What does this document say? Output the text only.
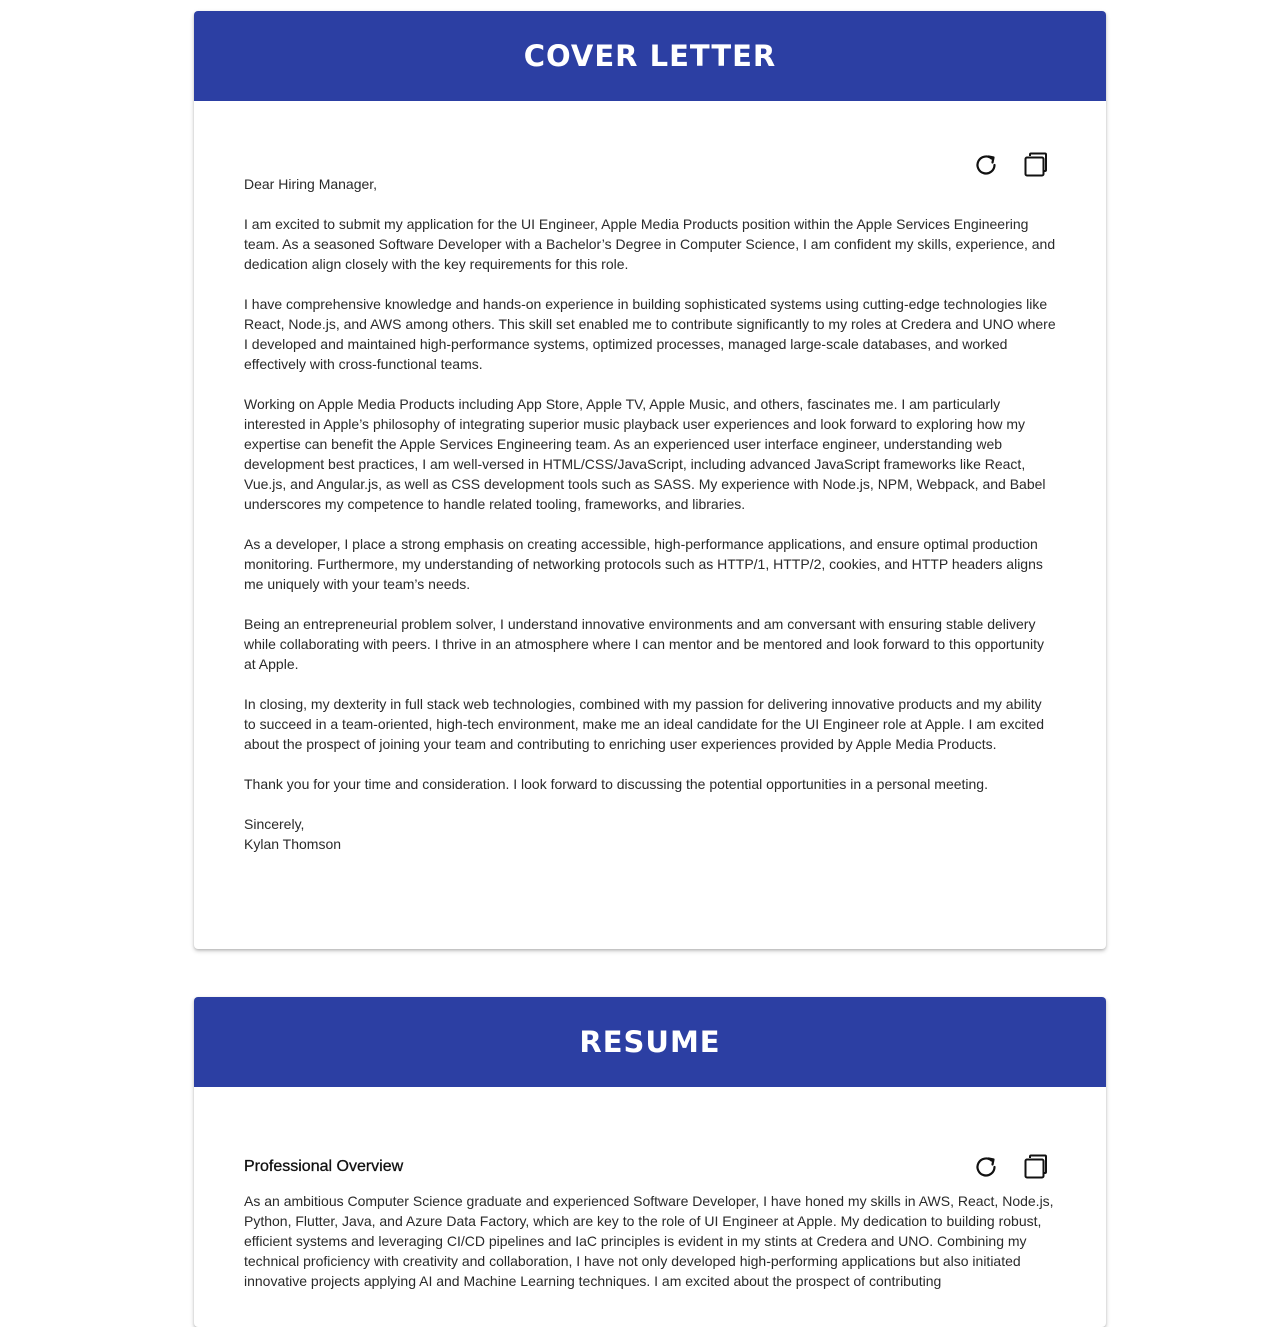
COVER LETTER

Dear Hiring Manager,

I am excited to submit my application for the UI Engineer, Apple Media Products position within the Apple Services Engineering team. As a seasoned Software Developer with a Bachelor’s Degree in Computer Science, I am confident my skills, experience, and dedication align closely with the key requirements for this role.

I have comprehensive knowledge and hands-on experience in building sophisticated systems using cutting-edge technologies like React, Node.js, and AWS among others. This skill set enabled me to contribute significantly to my roles at Credera and UNO where I developed and maintained high-performance systems, optimized processes, managed large-scale databases, and worked effectively with cross-functional teams.

Working on Apple Media Products including App Store, Apple TV, Apple Music, and others, fascinates me. I am particularly interested in Apple’s philosophy of integrating superior music playback user experiences and look forward to exploring how my expertise can benefit the Apple Services Engineering team. As an experienced user interface engineer, understanding web development best practices, I am well-versed in HTML/CSS/JavaScript, including advanced JavaScript frameworks like React, Vue.js, and Angular.js, as well as CSS development tools such as SASS. My experience with Node.js, NPM, Webpack, and Babel underscores my competence to handle related tooling, frameworks, and libraries.

As a developer, I place a strong emphasis on creating accessible, high-performance applications, and ensure optimal production monitoring. Furthermore, my understanding of networking protocols such as HTTP/1, HTTP/2, cookies, and HTTP headers aligns me uniquely with your team’s needs.

Being an entrepreneurial problem solver, I understand innovative environments and am conversant with ensuring stable delivery while collaborating with peers. I thrive in an atmosphere where I can mentor and be mentored and look forward to this opportunity at Apple.

In closing, my dexterity in full stack web technologies, combined with my passion for delivering innovative products and my ability to succeed in a team-oriented, high-tech environment, make me an ideal candidate for the UI Engineer role at Apple. I am excited about the prospect of joining your team and contributing to enriching user experiences provided by Apple Media Products.

Thank you for your time and consideration. I look forward to discussing the potential opportunities in a personal meeting.

Sincerely,

Kylan Thomson

RESUME
Professional Overview

As an ambitious Computer Science graduate and experienced Software Developer, I have honed my skills in AWS, React, Node.js, Python, Flutter, Java, and Azure Data Factory, which are key to the role of UI Engineer at Apple. My dedication to building robust, efficient systems and leveraging CI/CD pipelines and IaC principles is evident in my stints at Credera and UNO. Combining my technical proficiency with creativity and collaboration, I have not only developed high-performing applications but also initiated innovative projects applying AI and Machine Learning techniques. I am excited about the prospect of contributing
